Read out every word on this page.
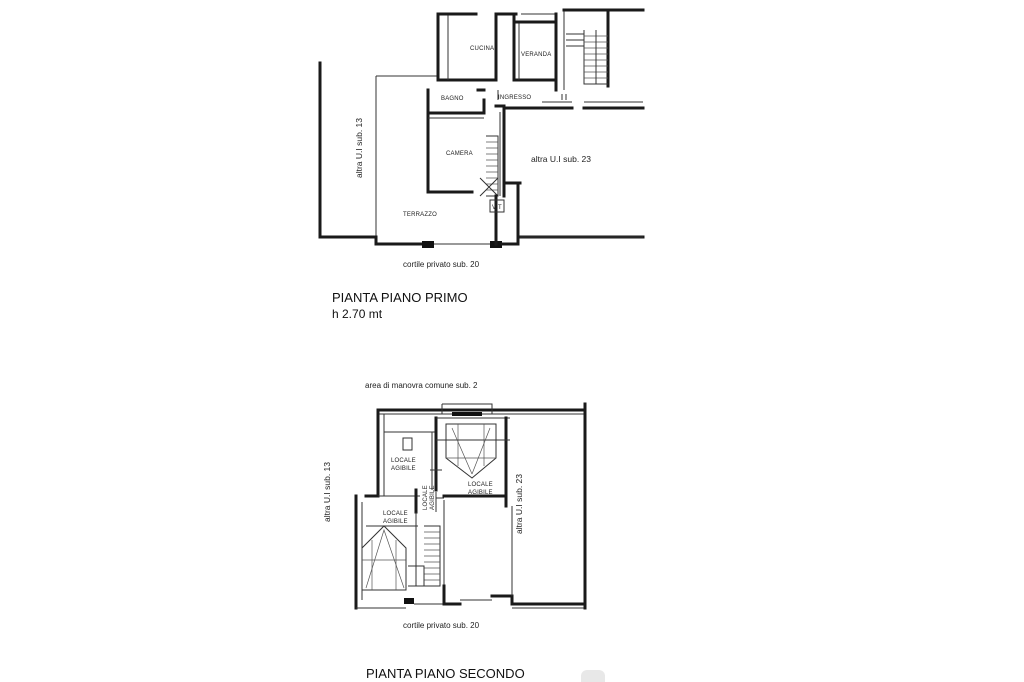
V T
CUCINA
VERANDA
BAGNO	INGRESSO
CAMERA
TERRAZZO
altra U.I sub. 13	altra U.I sub. 23
cortile privato sub. 20
PIANTA PIANO PRIMO
h 2.70 mt
area di manovra comune sub. 2
LOCALE
AGIBILE
LOCALE
AGIBILE
LOCALE AGIBILE
LOCALE
AGIBILE
altra U.I sub. 13	altra U.I sub. 23
cortile privato sub. 20
PIANTA PIANO SECONDO
